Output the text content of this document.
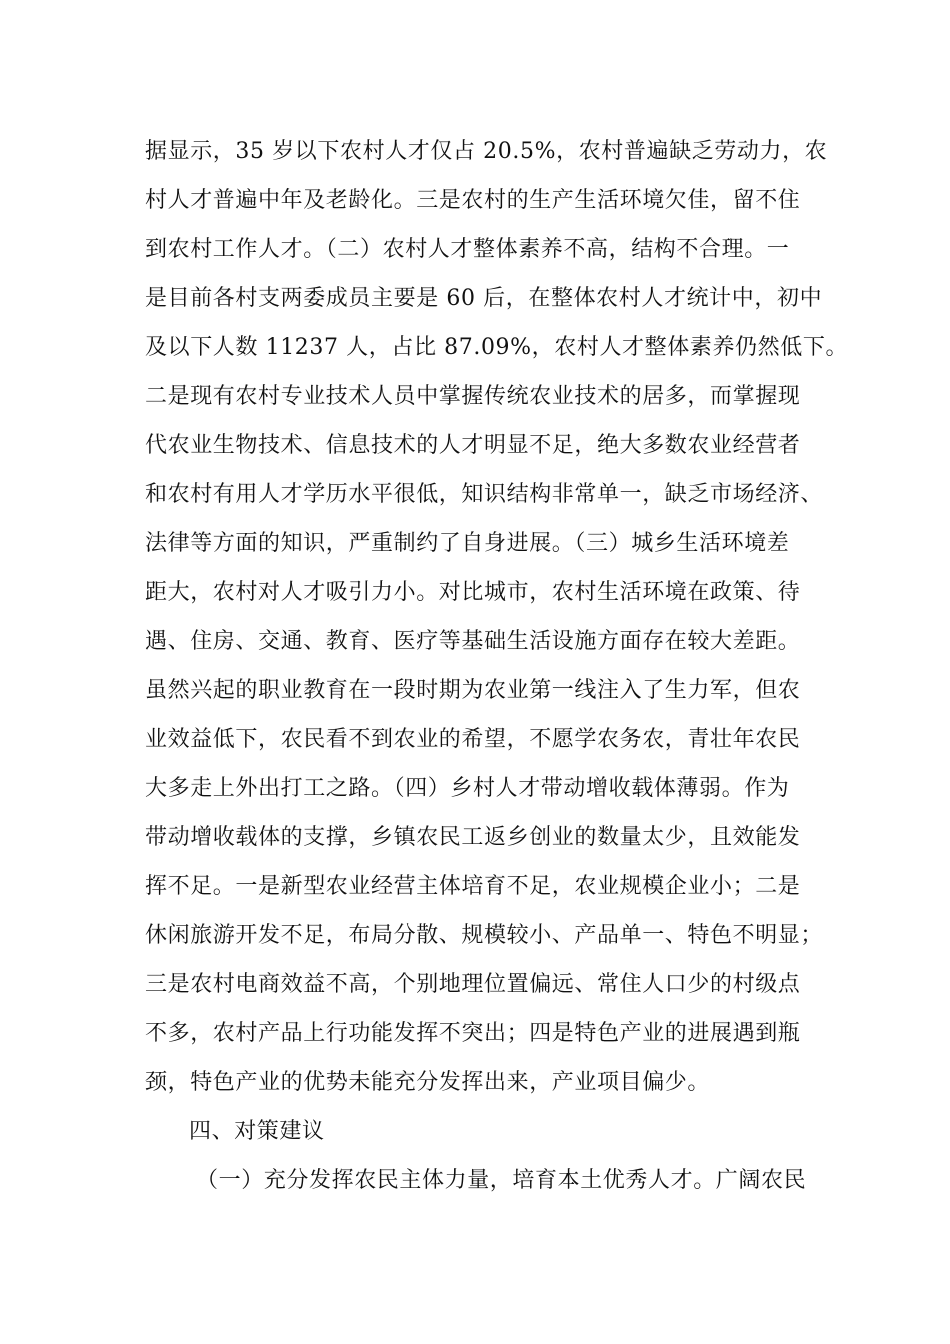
据显示，35 岁以下农村人才仅占 20.5%，农村普遍缺乏劳动力，农
村人才普遍中年及老龄化。三是农村的生产生活环境欠佳，留不住
到农村工作人才。（二）农村人才整体素养不高，结构不合理。一
是目前各村支两委成员主要是 60 后，在整体农村人才统计中，初中
及以下人数 11237 人，占比 87.09%，农村人才整体素养仍然低下。
二是现有农村专业技术人员中掌握传统农业技术的居多，而掌握现
代农业生物技术、信息技术的人才明显不足，绝大多数农业经营者
和农村有用人才学历水平很低，知识结构非常单一，缺乏市场经济、
法律等方面的知识，严重制约了自身进展。（三）城乡生活环境差
距大，农村对人才吸引力小。对比城市，农村生活环境在政策、待
遇、住房、交通、教育、医疗等基础生活设施方面存在较大差距。
虽然兴起的职业教育在一段时期为农业第一线注入了生力军，但农
业效益低下，农民看不到农业的希望，不愿学农务农，青壮年农民
大多走上外出打工之路。（四）乡村人才带动增收载体薄弱。作为
带动增收载体的支撑，乡镇农民工返乡创业的数量太少，且效能发
挥不足。一是新型农业经营主体培育不足，农业规模企业小；二是
休闲旅游开发不足，布局分散、规模较小、产品单一、特色不明显；
三是农村电商效益不高，个别地理位置偏远、常住人口少的村级点
不多，农村产品上行功能发挥不突出；四是特色产业的进展遇到瓶
颈，特色产业的优势未能充分发挥出来，产业项目偏少。
四、对策建议
（一）充分发挥农民主体力量，培育本土优秀人才。广阔农民
